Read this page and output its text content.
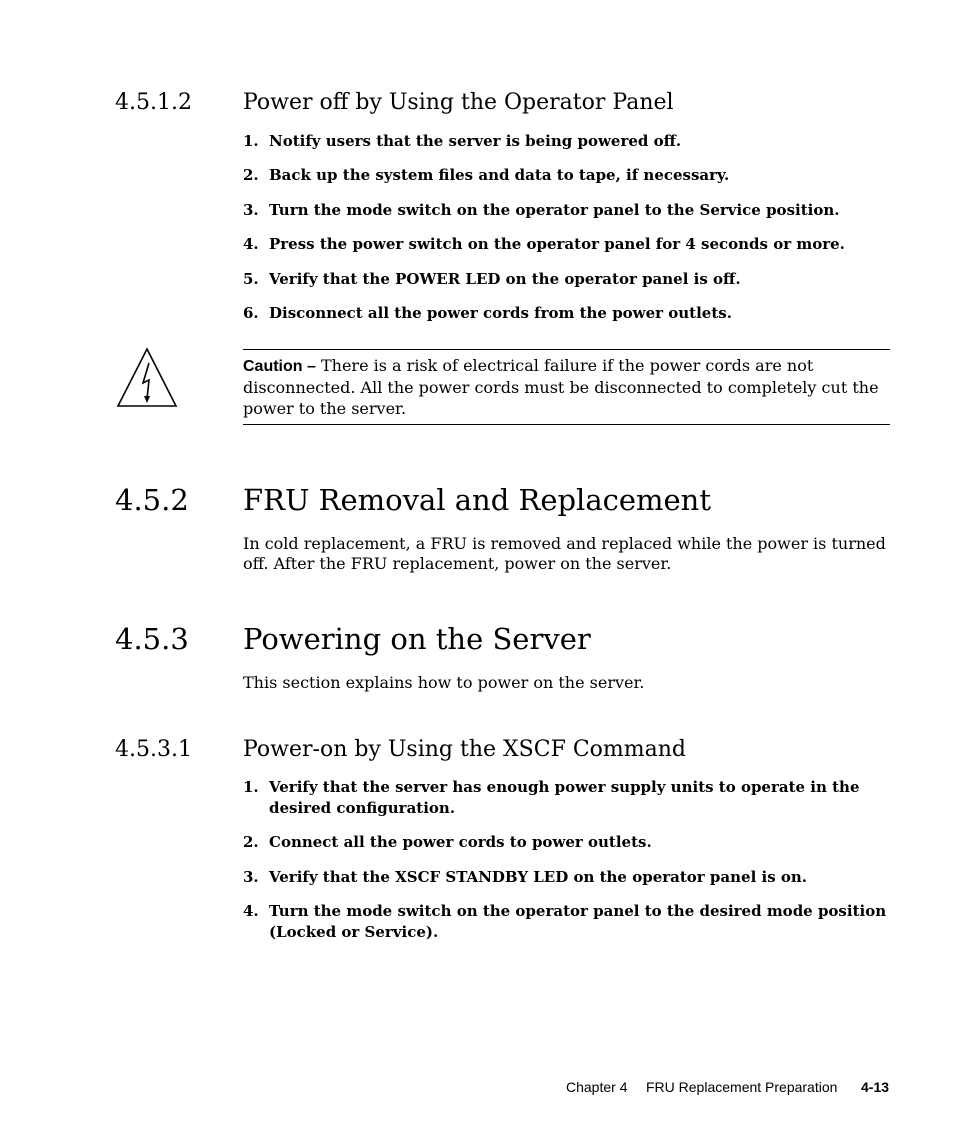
4.5.1.2 Power off by Using the Operator Panel
1. Notify users that the server is being powered off.
2. Back up the system files and data to tape, if necessary.
3. Turn the mode switch on the operator panel to the Service position.
4. Press the power switch on the operator panel for 4 seconds or more.
5. Verify that the POWER LED on the operator panel is off.
6. Disconnect all the power cords from the power outlets.
Caution – There is a risk of electrical failure if the power cords are not disconnected. All the power cords must be disconnected to completely cut the power to the server.
4.5.2 FRU Removal and Replacement
In cold replacement, a FRU is removed and replaced while the power is turned off. After the FRU replacement, power on the server.
4.5.3 Powering on the Server
This section explains how to power on the server.
4.5.3.1 Power-on by Using the XSCF Command
1. Verify that the server has enough power supply units to operate in the desired configuration.
2. Connect all the power cords to power outlets.
3. Verify that the XSCF STANDBY LED on the operator panel is on.
4. Turn the mode switch on the operator panel to the desired mode position (Locked or Service).
Chapter 4 FRU Replacement Preparation 4-13
